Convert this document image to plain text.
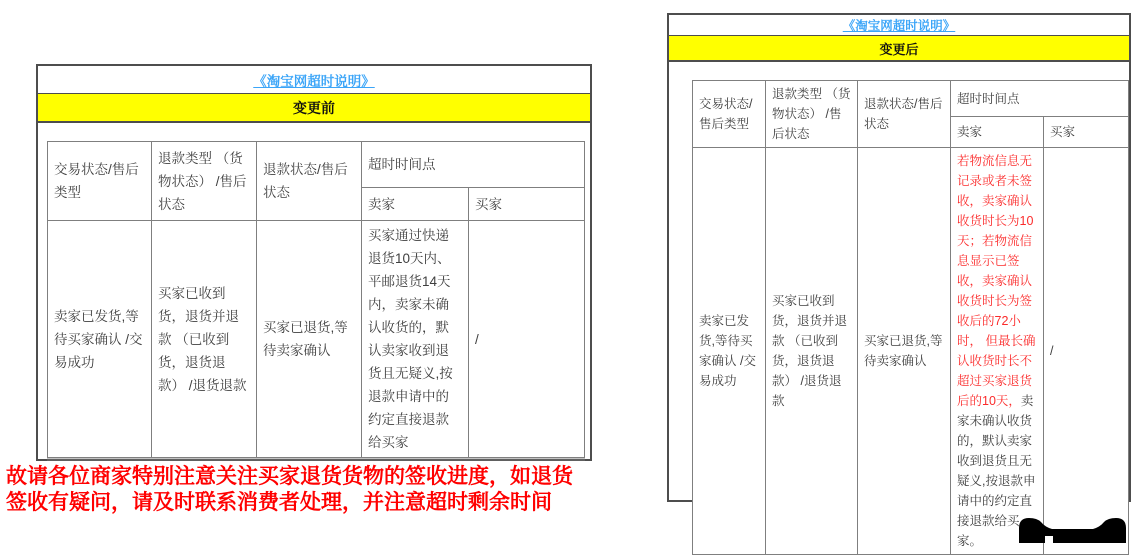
《淘宝网超时说明》
变更前
交易状态/售后类型	退款类型 （货物状态） /售后状态	退款状态/售后状态	超时时间点	
			卖家	买家
卖家已发货,等待买家确认 /交易成功	买家已收到货，退货并退款 （已收到货，退货退款） /退货退款	买家已退货,等待卖家确认	买家通过快递退货10天内、平邮退货14天内，卖家未确认收货的，默认卖家收到退货且无疑义,按退款申请中的约定直接退款给买家	/
《淘宝网超时说明》
变更后
交易状态/售后类型	退款类型 （货物状态） /售后状态	退款状态/售后状态	超时时间点	
			卖家	买家
卖家已发货,等待买家确认 /交易成功	买家已收到货，退货并退款 （已收到货，退货退款） /退货退款	买家已退货,等待卖家确认	若物流信息无记录或者未签收，卖家确认收货时长为10天；若物流信息显示已签收，卖家确认收货时长为签收后的72小时， 但最长确认收货时长不超过买家退货后的10天，卖家未确认收货的，默认卖家收到退货且无疑义,按退款申请中的约定直接退款给买家。	/
故请各位商家特别注意关注买家退货货物的签收进度，如退货
签收有疑问，请及时联系消费者处理，并注意超时剩余时间
